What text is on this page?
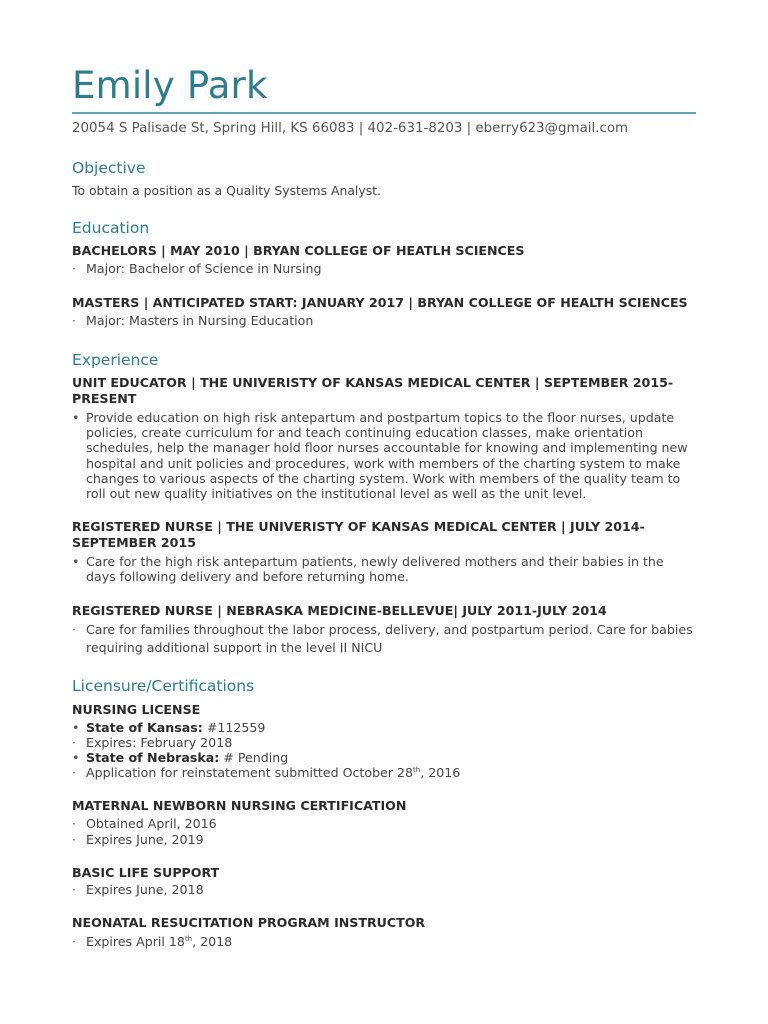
Emily Park
20054 S Palisade St, Spring Hill, KS 66083 | 402-631-8203 | eberry623@gmail.com
Objective
To obtain a position as a Quality Systems Analyst.
Education
BACHELORS | MAY 2010 | BRYAN COLLEGE OF HEATLH SCIENCES
· Major: Bachelor of Science in Nursing
MASTERS | ANTICIPATED START: JANUARY 2017 | BRYAN COLLEGE OF HEALTH SCIENCES
· Major: Masters in Nursing Education
Experience
UNIT EDUCATOR | THE UNIVERISTY OF KANSAS MEDICAL CENTER | SEPTEMBER 2015-PRESENT
• Provide education on high risk antepartum and postpartum topics to the floor nurses, update policies, create curriculum for and teach continuing education classes, make orientation schedules, help the manager hold floor nurses accountable for knowing and implementing new hospital and unit policies and procedures, work with members of the charting system to make changes to various aspects of the charting system. Work with members of the quality team to roll out new quality initiatives on the institutional level as well as the unit level.
REGISTERED NURSE | THE UNIVERISTY OF KANSAS MEDICAL CENTER | JULY 2014-SEPTEMBER 2015
• Care for the high risk antepartum patients, newly delivered mothers and their babies in the days following delivery and before returning home.
REGISTERED NURSE | NEBRASKA MEDICINE-BELLEVUE| JULY 2011-JULY 2014
· Care for families throughout the labor process, delivery, and postpartum period. Care for babies requiring additional support in the level II NICU
Licensure/Certifications
NURSING LICENSE
• State of Kansas: #112559
· Expires: February 2018
• State of Nebraska: # Pending
· Application for reinstatement submitted October 28th, 2016
MATERNAL NEWBORN NURSING CERTIFICATION
· Obtained April, 2016
· Expires June, 2019
BASIC LIFE SUPPORT
· Expires June, 2018
NEONATAL RESUCITATION PROGRAM INSTRUCTOR
· Expires April 18th, 2018
